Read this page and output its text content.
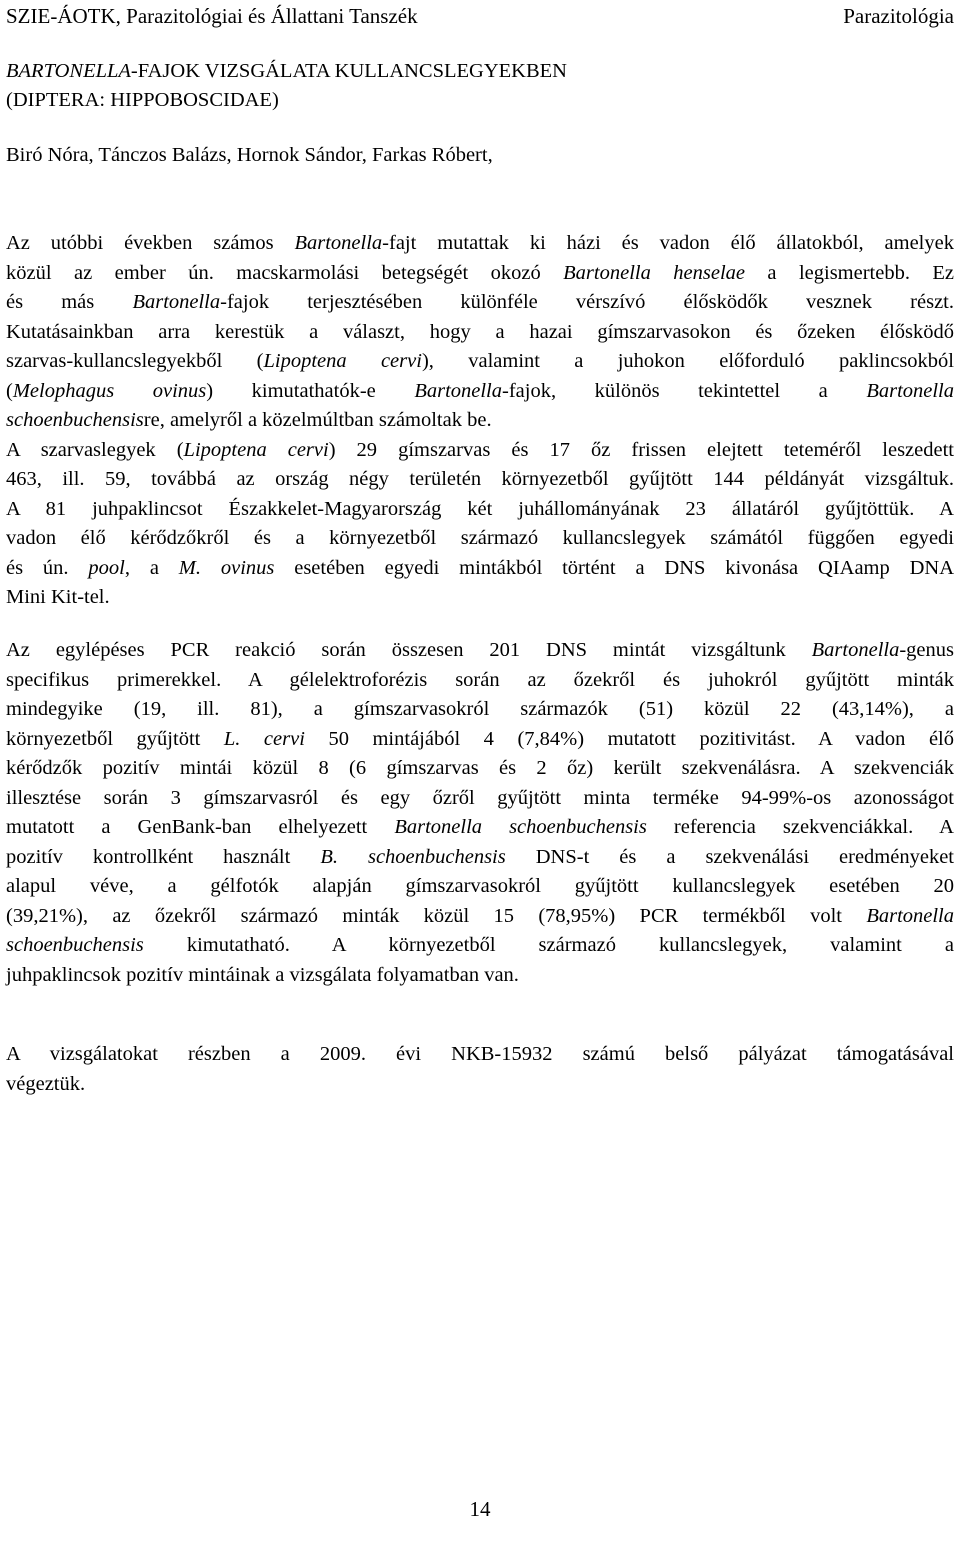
SZIE-ÁOTK, Parazitológiai és Állattani Tanszék	Parazitológia
BARTONELLA-FAJOK VIZSGÁLATA KULLANCSLEGYEKBEN
(DIPTERA: HIPPOBOSCIDAE)
Biró Nóra, Tánczos Balázs, Hornok Sándor, Farkas Róbert,
Az utóbbi években számos Bartonella-fajt mutattak ki házi és vadon élő állatokból, amelyek
közül az ember ún. macskarmolási betegségét okozó Bartonella henselae a legismertebb. Ez
és más Bartonella-fajok terjesztésében különféle vérszívó élősködők vesznek részt.
Kutatásainkban arra kerestük a választ, hogy a hazai gímszarvasokon és őzeken élősködő
szarvas-kullancslegyekből (Lipoptena cervi), valamint a juhokon előforduló paklincsokból
(Melophagus ovinus) kimutathatók-e Bartonella-fajok, különös tekintettel a Bartonella
schoenbuchensisre, amelyről a közelmúltban számoltak be.
A szarvaslegyek (Lipoptena cervi) 29 gímszarvas és 17 őz frissen elejtett teteméről leszedett
463, ill. 59, továbbá az ország négy területén környezetből gyűjtött 144 példányát vizsgáltuk.
A 81 juhpaklincsot Északkelet-Magyarország két juhállományának 23 állatáról gyűjtöttük. A
vadon élő kérődzőkről és a környezetből származó kullancslegyek számától függően egyedi
és ún. pool, a M. ovinus esetében egyedi mintákból történt a DNS kivonása QIAamp DNA
Mini Kit-tel.
Az egylépéses PCR reakció során összesen 201 DNS mintát vizsgáltunk Bartonella-genus
specifikus primerekkel. A gélelektroforézis során az őzekről és juhokról gyűjtött minták
mindegyike (19, ill. 81), a gímszarvasokról származók (51) közül 22 (43,14%), a
környezetből gyűjtött L. cervi 50 mintájából 4 (7,84%) mutatott pozitivitást. A vadon élő
kérődzők pozitív mintái közül 8 (6 gímszarvas és 2 őz) került szekvenálásra. A szekvenciák
illesztése során 3 gímszarvasról és egy őzről gyűjtött minta terméke 94-99%-os azonosságot
mutatott a GenBank-ban elhelyezett Bartonella schoenbuchensis referencia szekvenciákkal. A
pozitív kontrollként használt B. schoenbuchensis DNS-t és a szekvenálási eredményeket
alapul véve, a gélfotók alapján gímszarvasokról gyűjtött kullancslegyek esetében 20
(39,21%), az őzekről származó minták közül 15 (78,95%) PCR termékből volt Bartonella
schoenbuchensis kimutatható. A környezetből származó kullancslegyek, valamint a
juhpaklincsok pozitív mintáinak a vizsgálata folyamatban van.
A vizsgálatokat részben a 2009. évi NKB-15932 számú belső pályázat támogatásával
végeztük.
14
